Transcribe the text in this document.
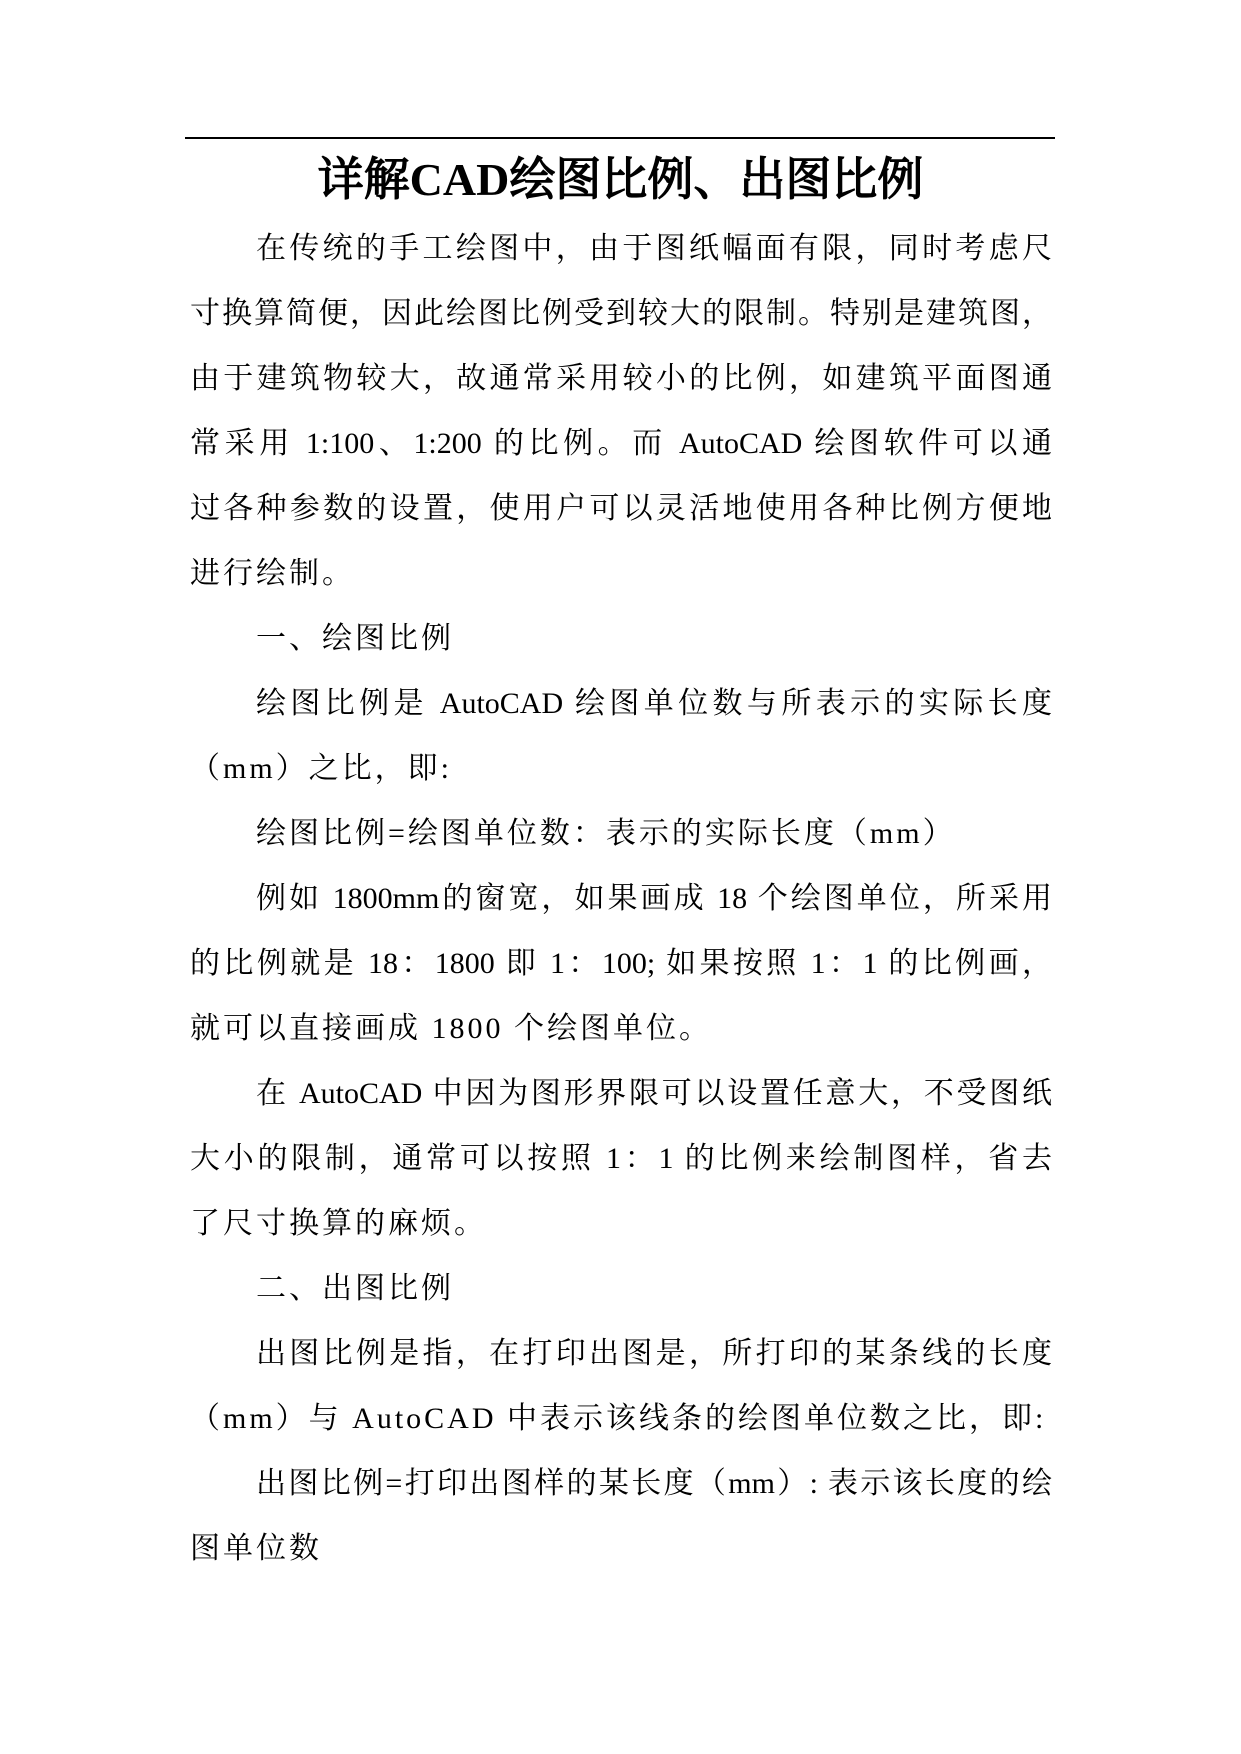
详解CAD绘图比例、出图比例
在传统的手工绘图中，由于图纸幅面有限，同时考虑尺
寸换算简便，因此绘图比例受到较大的限制。特别是建筑图，
由于建筑物较大，故通常采用较小的比例，如建筑平面图通
常采用 1:100、1:200 的比例。而 AutoCAD 绘图软件可以通
过各种参数的设置，使用户可以灵活地使用各种比例方便地
进行绘制。
一、绘图比例
绘图比例是 AutoCAD 绘图单位数与所表示的实际长度
（mm）之比，即:
绘图比例=绘图单位数：表示的实际长度（mm）
例如 1800mm的窗宽，如果画成 18 个绘图单位，所采用
的比例就是 18：1800 即 1：100; 如果按照 1：1 的比例画，
就可以直接画成 1800 个绘图单位。
在 AutoCAD 中因为图形界限可以设置任意大，不受图纸
大小的限制，通常可以按照 1：1 的比例来绘制图样，省去
了尺寸换算的麻烦。
二、出图比例
出图比例是指，在打印出图是，所打印的某条线的长度
（mm）与 AutoCAD 中表示该线条的绘图单位数之比，即:
出图比例=打印出图样的某长度（mm）: 表示该长度的绘
图单位数
